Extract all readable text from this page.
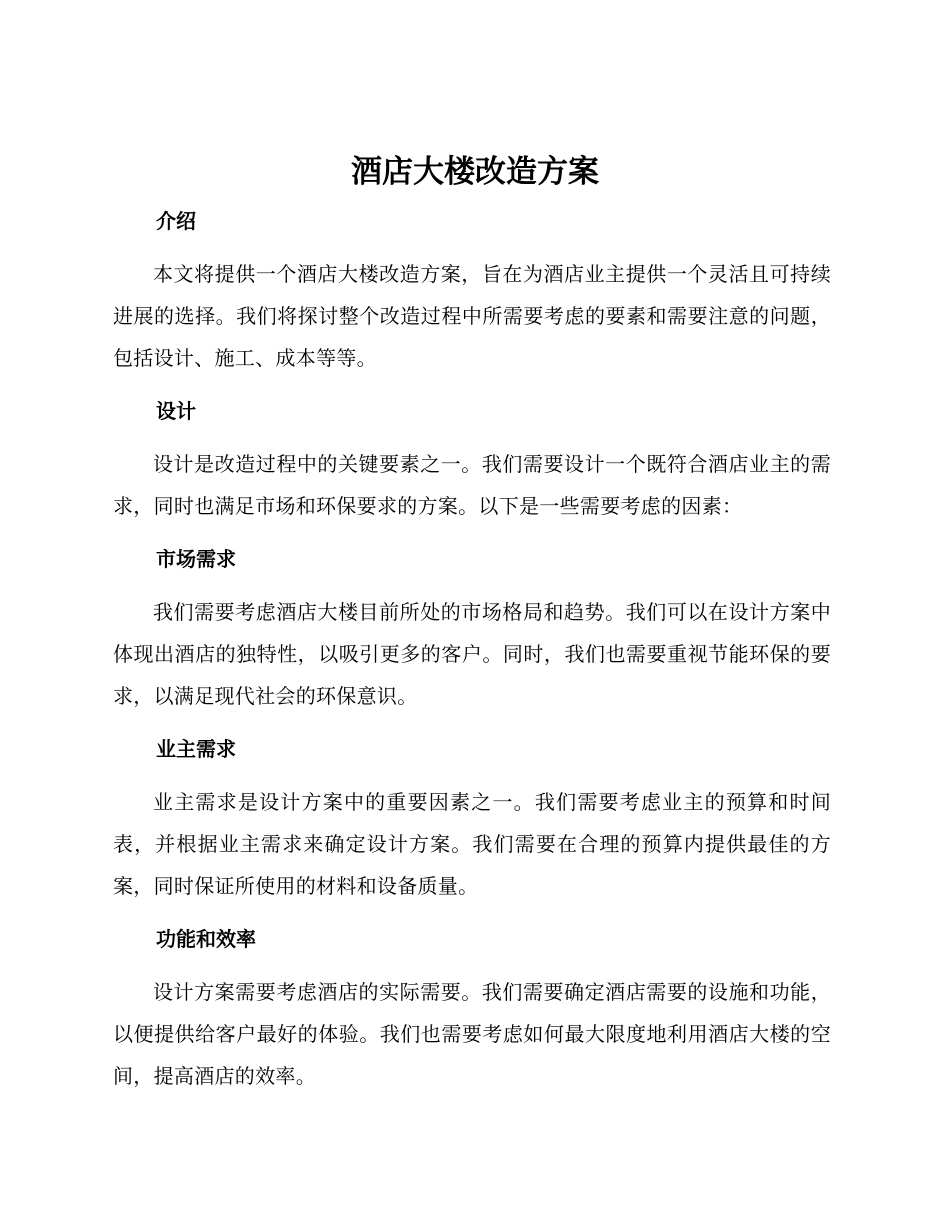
酒店大楼改造方案
介绍

本文将提供一个酒店大楼改造方案，旨在为酒店业主提供一个灵活且可持续进展的选择。我们将探讨整个改造过程中所需要考虑的要素和需要注意的问题，包括设计、施工、成本等等。

设计

设计是改造过程中的关键要素之一。我们需要设计一个既符合酒店业主的需求，同时也满足市场和环保要求的方案。以下是一些需要考虑的因素：

市场需求

我们需要考虑酒店大楼目前所处的市场格局和趋势。我们可以在设计方案中体现出酒店的独特性，以吸引更多的客户。同时，我们也需要重视节能环保的要求，以满足现代社会的环保意识。

业主需求

业主需求是设计方案中的重要因素之一。我们需要考虑业主的预算和时间表，并根据业主需求来确定设计方案。我们需要在合理的预算内提供最佳的方案，同时保证所使用的材料和设备质量。

功能和效率

设计方案需要考虑酒店的实际需要。我们需要确定酒店需要的设施和功能，以便提供给客户最好的体验。我们也需要考虑如何最大限度地利用酒店大楼的空间，提高酒店的效率。
